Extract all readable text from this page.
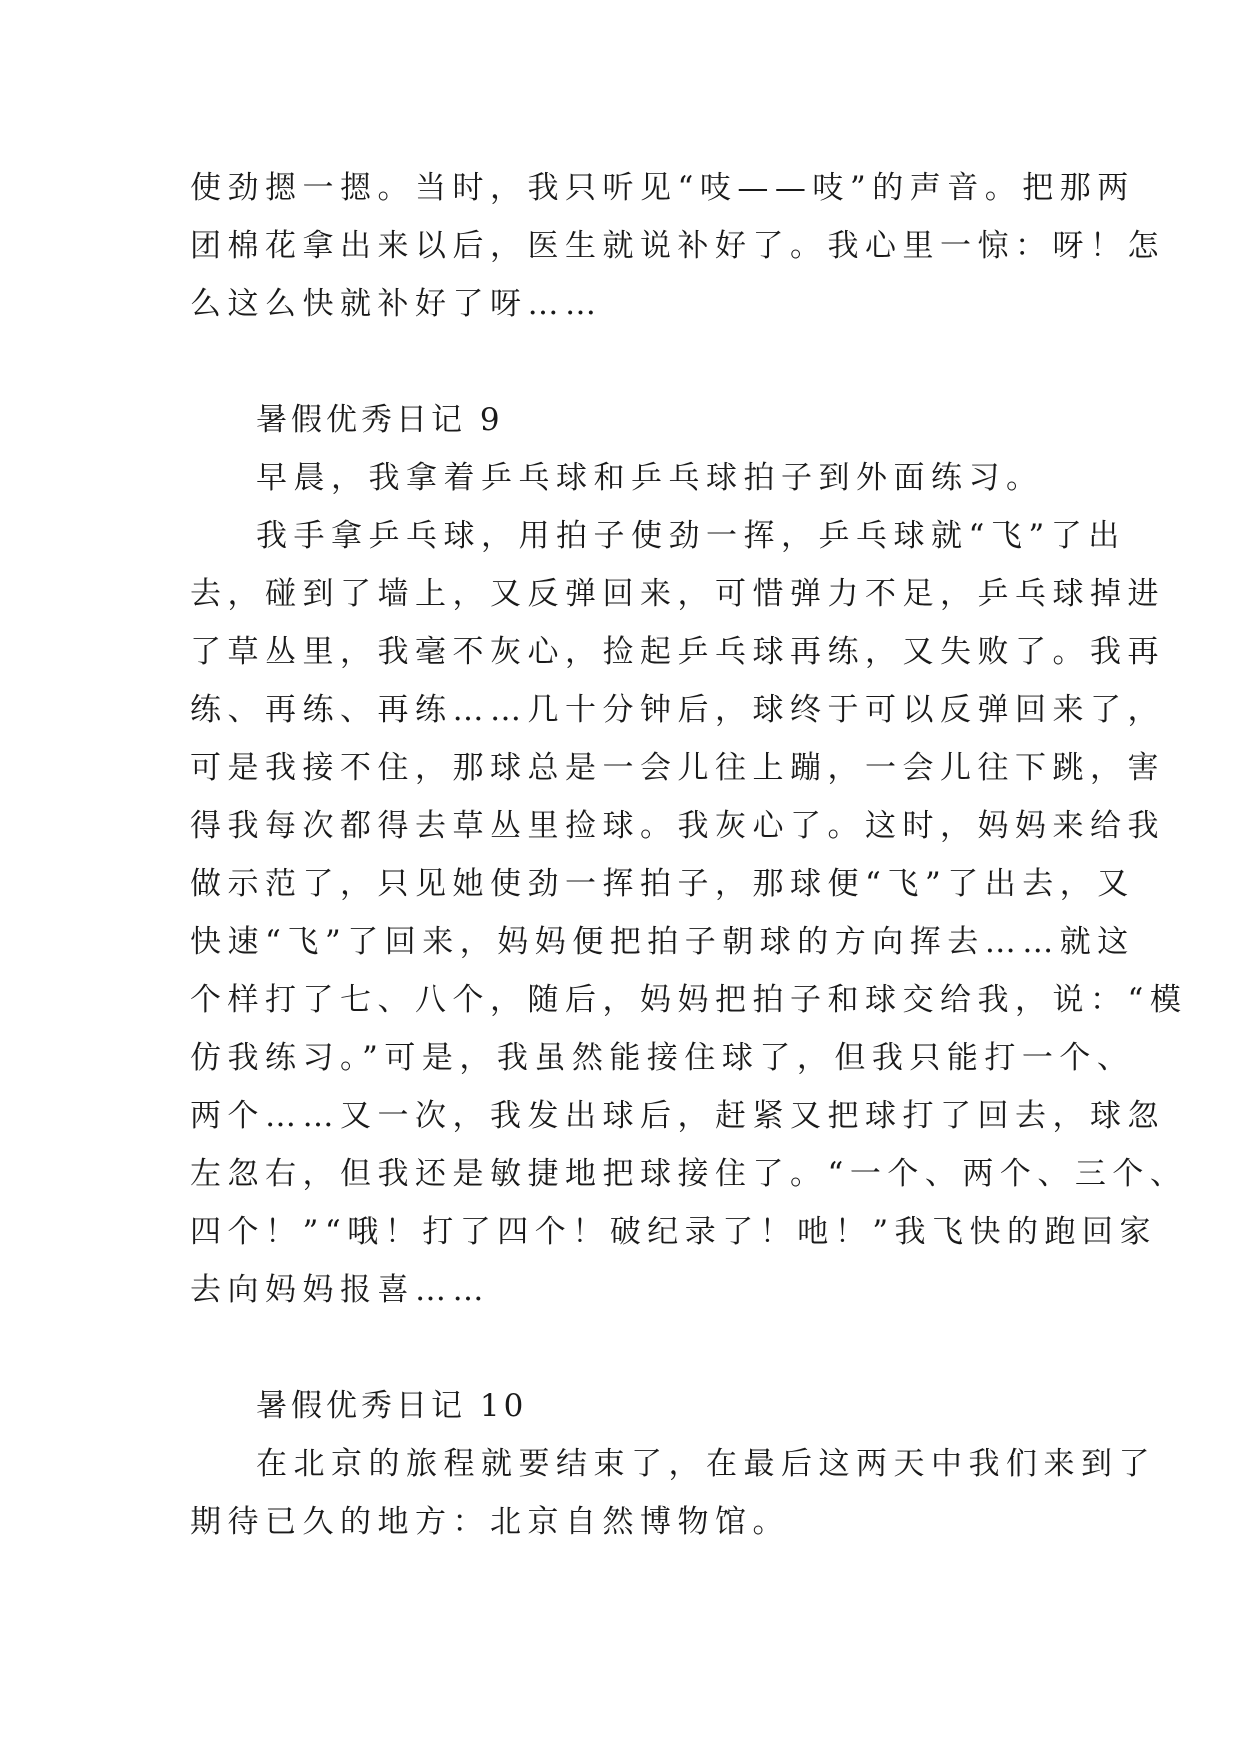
使劲摁一摁。当时，我只听见“吱——吱”的声音。把那两
团棉花拿出来以后，医生就说补好了。我心里一惊：呀！怎
么这么快就补好了呀……
暑假优秀日记 9
早晨，我拿着乒乓球和乒乓球拍子到外面练习。
我手拿乒乓球，用拍子使劲一挥，乒乓球就“飞”了出
去，碰到了墙上，又反弹回来，可惜弹力不足，乒乓球掉进
了草丛里，我毫不灰心，捡起乒乓球再练，又失败了。我再
练、再练、再练……几十分钟后，球终于可以反弹回来了，
可是我接不住，那球总是一会儿往上蹦，一会儿往下跳，害
得我每次都得去草丛里捡球。我灰心了。这时，妈妈来给我
做示范了，只见她使劲一挥拍子，那球便“飞”了出去，又
快速“飞”了回来，妈妈便把拍子朝球的方向挥去……就这
个样打了七、八个，随后，妈妈把拍子和球交给我，说：“模
仿我练习。”可是，我虽然能接住球了，但我只能打一个、
两个……又一次，我发出球后，赶紧又把球打了回去，球忽
左忽右，但我还是敏捷地把球接住了。“一个、两个、三个、
四个！”“哦！打了四个！破纪录了！吔！”我飞快的跑回家
去向妈妈报喜……
暑假优秀日记 10
在北京的旅程就要结束了，在最后这两天中我们来到了
期待已久的地方：北京自然博物馆。
